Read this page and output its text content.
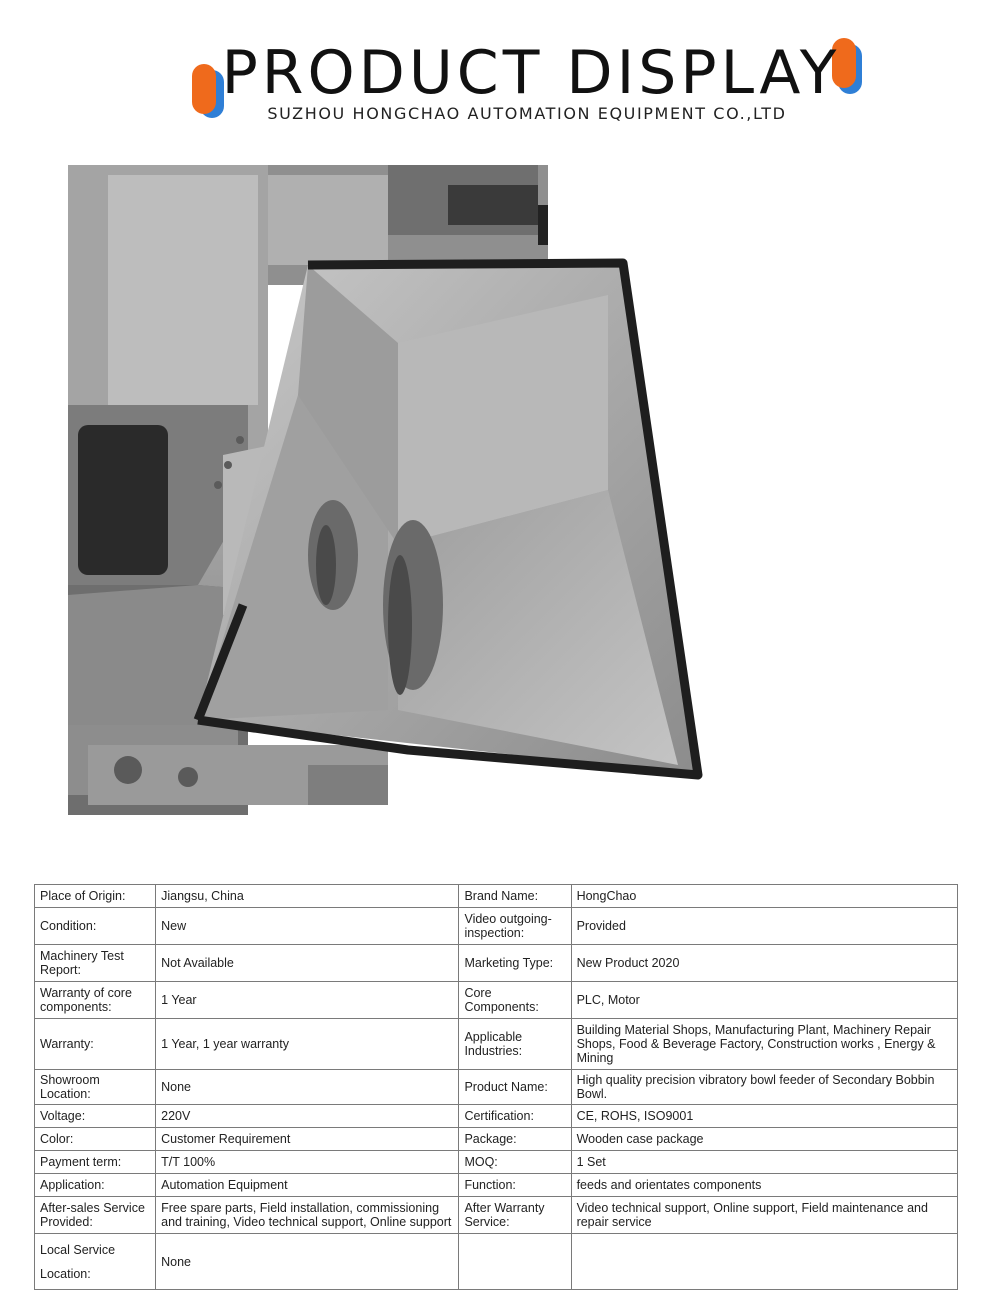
PRODUCT DISPLAY
SUZHOU HONGCHAO AUTOMATION EQUIPMENT CO.,LTD
Place of Origin:	Jiangsu, China	Brand Name:	HongChao
Condition:	New	Video outgoing-inspection:	Provided
Machinery Test Report:	Not Available	Marketing Type:	New Product 2020
Warranty of core components:	1 Year	Core Components:	PLC, Motor
Warranty:	1 Year, 1 year warranty	Applicable Industries:	Building Material Shops, Manufacturing Plant, Machinery Repair Shops, Food & Beverage Factory, Construction works , Energy & Mining
Showroom Location:	None	Product Name:	High quality precision vibratory bowl feeder of Secondary Bobbin Bowl.
Voltage:	220V	Certification:	CE, ROHS, ISO9001
Color:	Customer Requirement	Package:	Wooden case package
Payment term:	T/T 100%	MOQ:	1 Set
Application:	Automation Equipment	Function:	feeds and orientates components
After-sales Service Provided:	Free spare parts, Field installation, commissioning and training, Video technical support, Online support	After Warranty Service:	Video technical support, Online support, Field maintenance and repair service
Local Service Location:	None		
